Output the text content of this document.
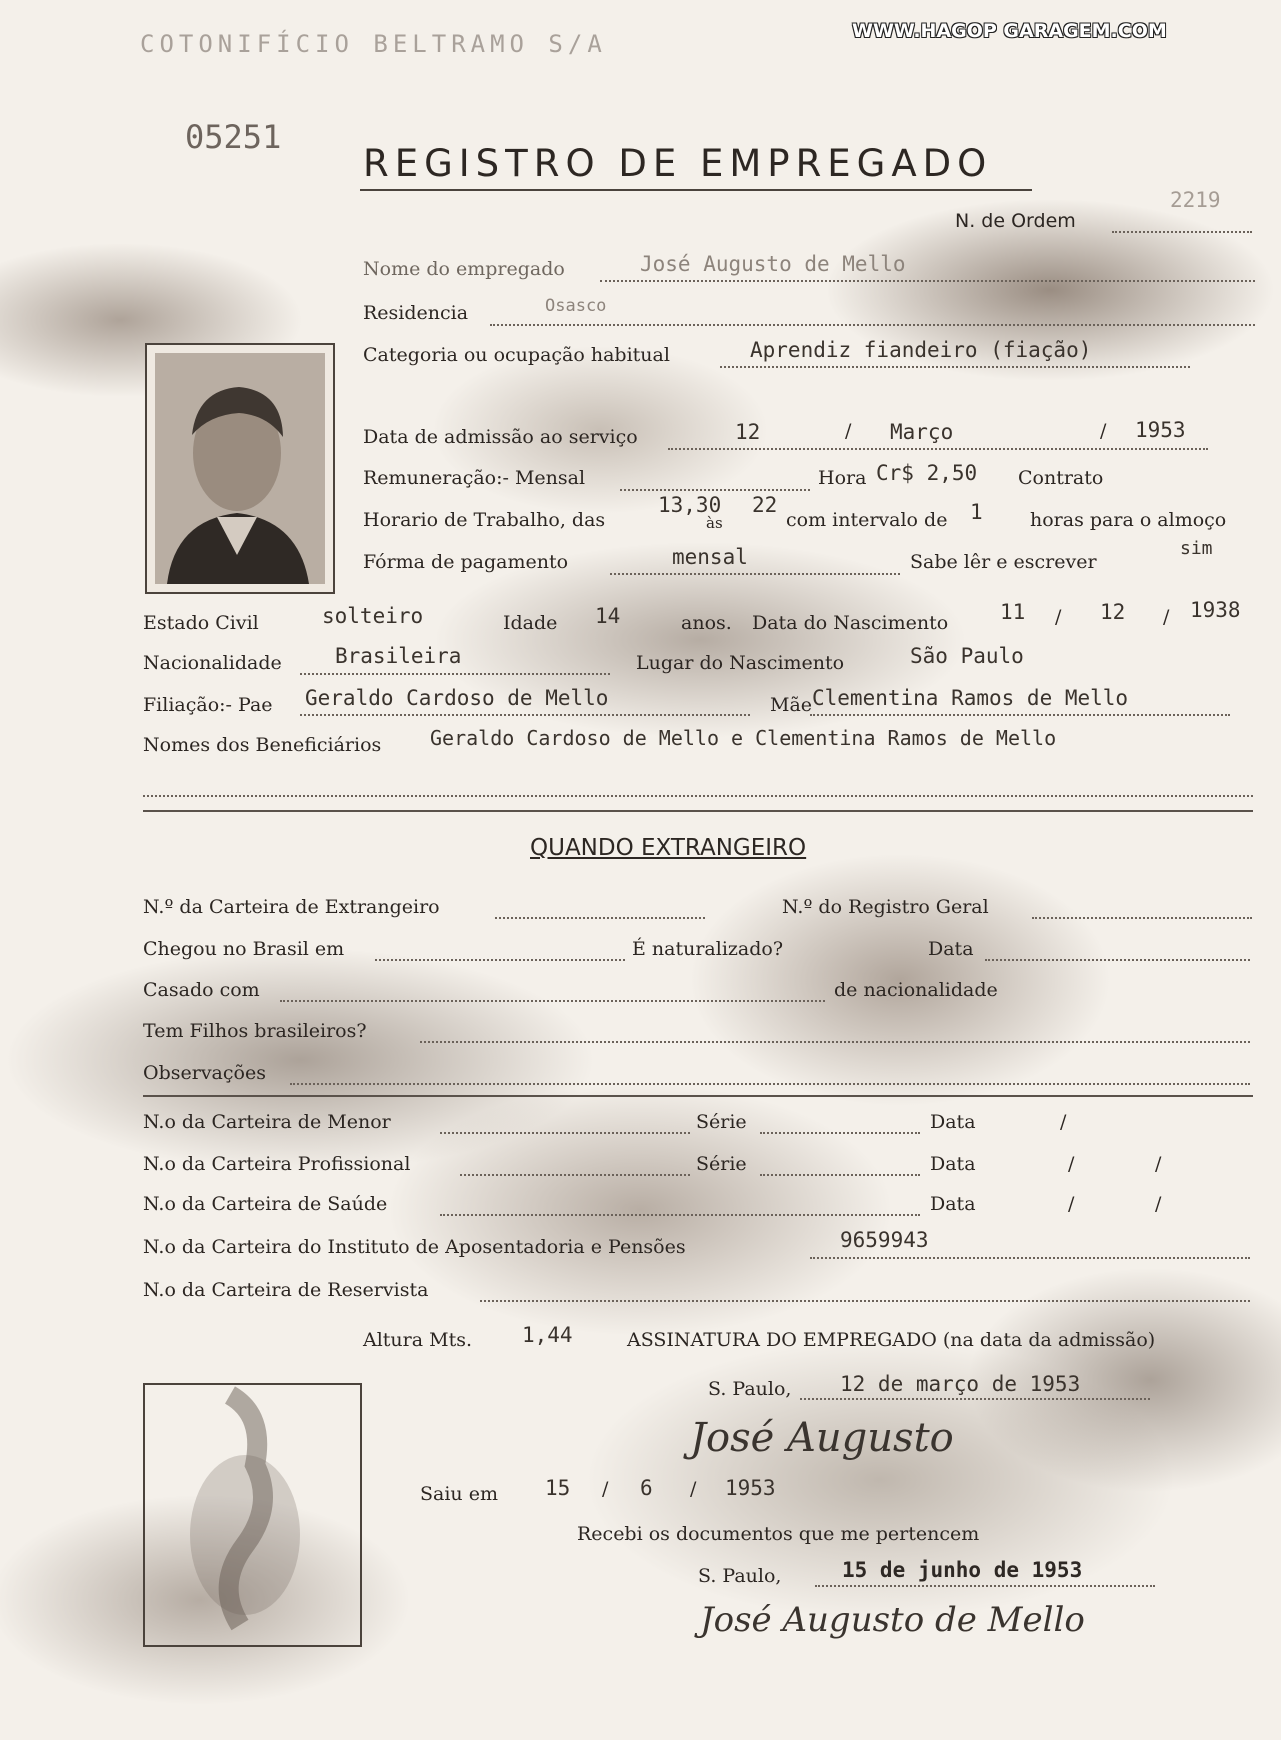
WWW.HAGOP GARAGEM.COM
COTONIFÍCIO BELTRAMO S/A
05251
REGISTRO DE EMPREGADO
N. de Ordem
2219
Nome do empregado	José Augusto de Mello
Residencia	Osasco
Categoria ou ocupação habitual	Aprendiz fiandeiro (fiação)
Data de admissão ao serviço	12	/ Março	/ 1953
Remuneração:- Mensal	Hora Cr$ 2,50 Contrato
Horario de Trabalho, das
13,30
às
22
com intervalo de 1 horas para o almoço
Fórma de pagamento	mensal	Sabe lêr e escrever
sim
Estado Civil	solteiro	Idade 14	anos. Data do Nascimento 11 / 12 / 1938
Nacionalidade	Brasileira	Lugar do Nascimento	São Paulo
Filiação:- Pae Geraldo Cardoso de Mello	Mãe Clementina Ramos de Mello
Nomes dos Beneficiários Geraldo Cardoso de Mello e Clementina Ramos de Mello
QUANDO EXTRANGEIRO
N.º da Carteira de Extrangeiro	N.º do Registro Geral
Chegou no Brasil em	É naturalizado?	Data
Casado com	de nacionalidade
Tem Filhos brasileiros?
Observações
N.o da Carteira de Menor	Série	Data	/
N.o da Carteira Profissional	Série	Data	/	/
N.o da Carteira de Saúde	Data	/	/
N.o da Carteira do Instituto de Aposentadoria e Pensões	9659943
N.o da Carteira de Reservista
Altura Mts. 1,44	ASSINATURA DO EMPREGADO (na data da admissão)
S. Paulo, 12 de março de 1953
José Augusto
Saiu em 15 / 6 / 1953
Recebi os documentos que me pertencem
S. Paulo,	15 de junho de 1953
José Augusto de Mello
